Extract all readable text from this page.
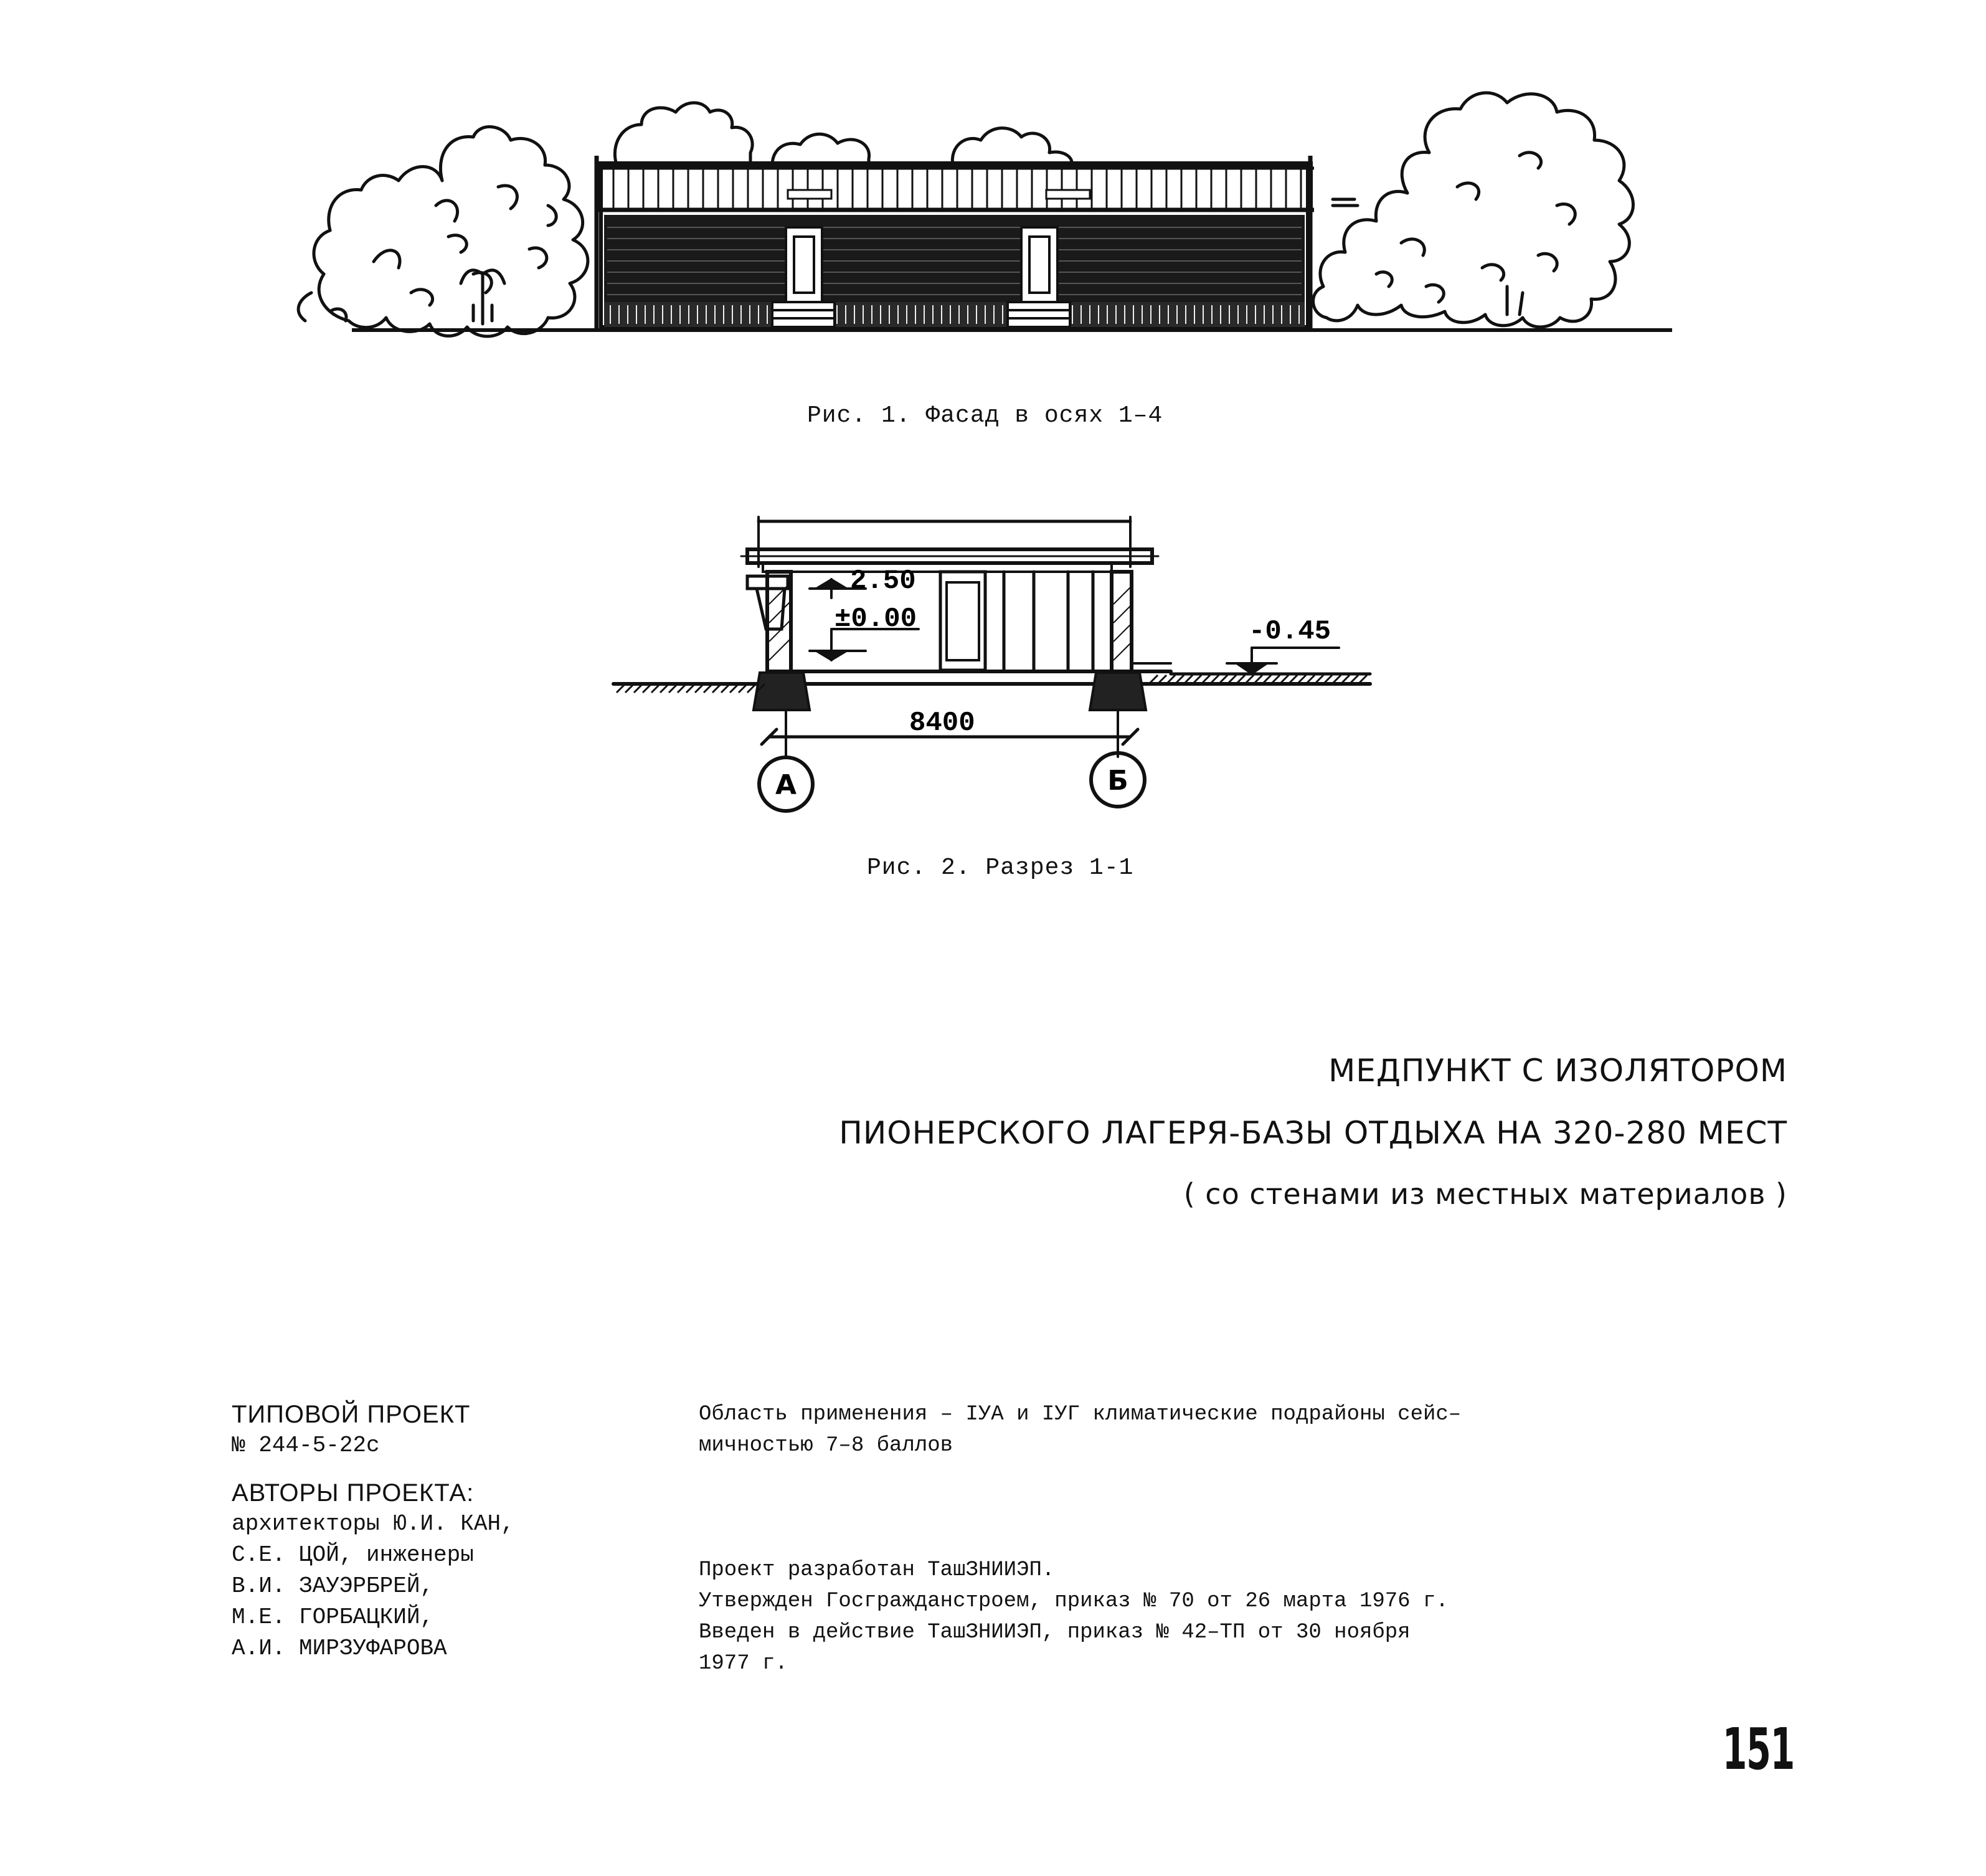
Рис. 1. Фасад в осях 1–4
2.50
±0.00	-0.45
8400
А	Б
Рис. 2. Разрез 1-1
МЕДПУНКТ С ИЗОЛЯТОРОМ
ПИОНЕРСКОГО ЛАГЕРЯ-БАЗЫ ОТДЫХА НА 320-280 МЕСТ
( со стенами из местных материалов )
ТИПОВОЙ ПРОЕКТ
№ 244-5-22с
АВТОРЫ ПРОЕКТА:
архитекторы Ю.И. КАН,
С.Е. ЦОЙ, инженеры
В.И. ЗАУЭРБРЕЙ,
М.Е. ГОРБАЦКИЙ,
А.И. МИРЗУФАРОВА
Область применения – IУА и IУГ климатические подрайоны сейс–
мичностью 7–8 баллов
Проект разработан ТашЗНИИЭП.
Утвержден Госгражданстроем, приказ № 70 от 26 марта 1976 г.
Введен в действие ТашЗНИИЭП, приказ № 42–ТП от 30 ноября
1977 г.
151
